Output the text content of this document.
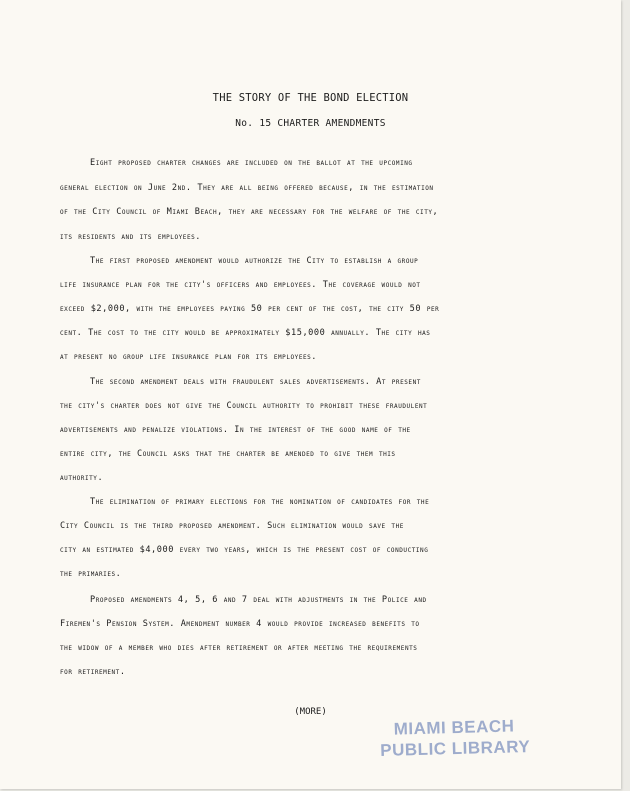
THE STORY OF THE BOND ELECTION
No. 15 CHARTER AMENDMENTS
Eight proposed charter changes are included on the ballot at the upcoming
general election on June 2nd. They are all being offered because, in the estimation
of the City Council of Miami Beach, they are necessary for the welfare of the city,
its residents and its employees.
The first proposed amendment would authorize the City to establish a group
life insurance plan for the city's officers and employees. The coverage would not
exceed $2,000, with the employees paying 50 per cent of the cost, the city 50 per
cent. The cost to the city would be approximately $15,000 annually. The city has
at present no group life insurance plan for its employees.
The second amendment deals with fraudulent sales advertisements. At present
the city's charter does not give the Council authority to prohibit these fraudulent
advertisements and penalize violations. In the interest of the good name of the
entire city, the Council asks that the charter be amended to give them this
authority.
The elimination of primary elections for the nomination of candidates for the
City Council is the third proposed amendment. Such elimination would save the
city an estimated $4,000 every two years, which is the present cost of conducting
the primaries.
Proposed amendments 4, 5, 6 and 7 deal with adjustments in the Police and
Firemen's Pension System. Amendment number 4 would provide increased benefits to
the widow of a member who dies after retirement or after meeting the requirements
for retirement.
(MORE)
MIAMI BEACH
PUBLIC LIBRARY
